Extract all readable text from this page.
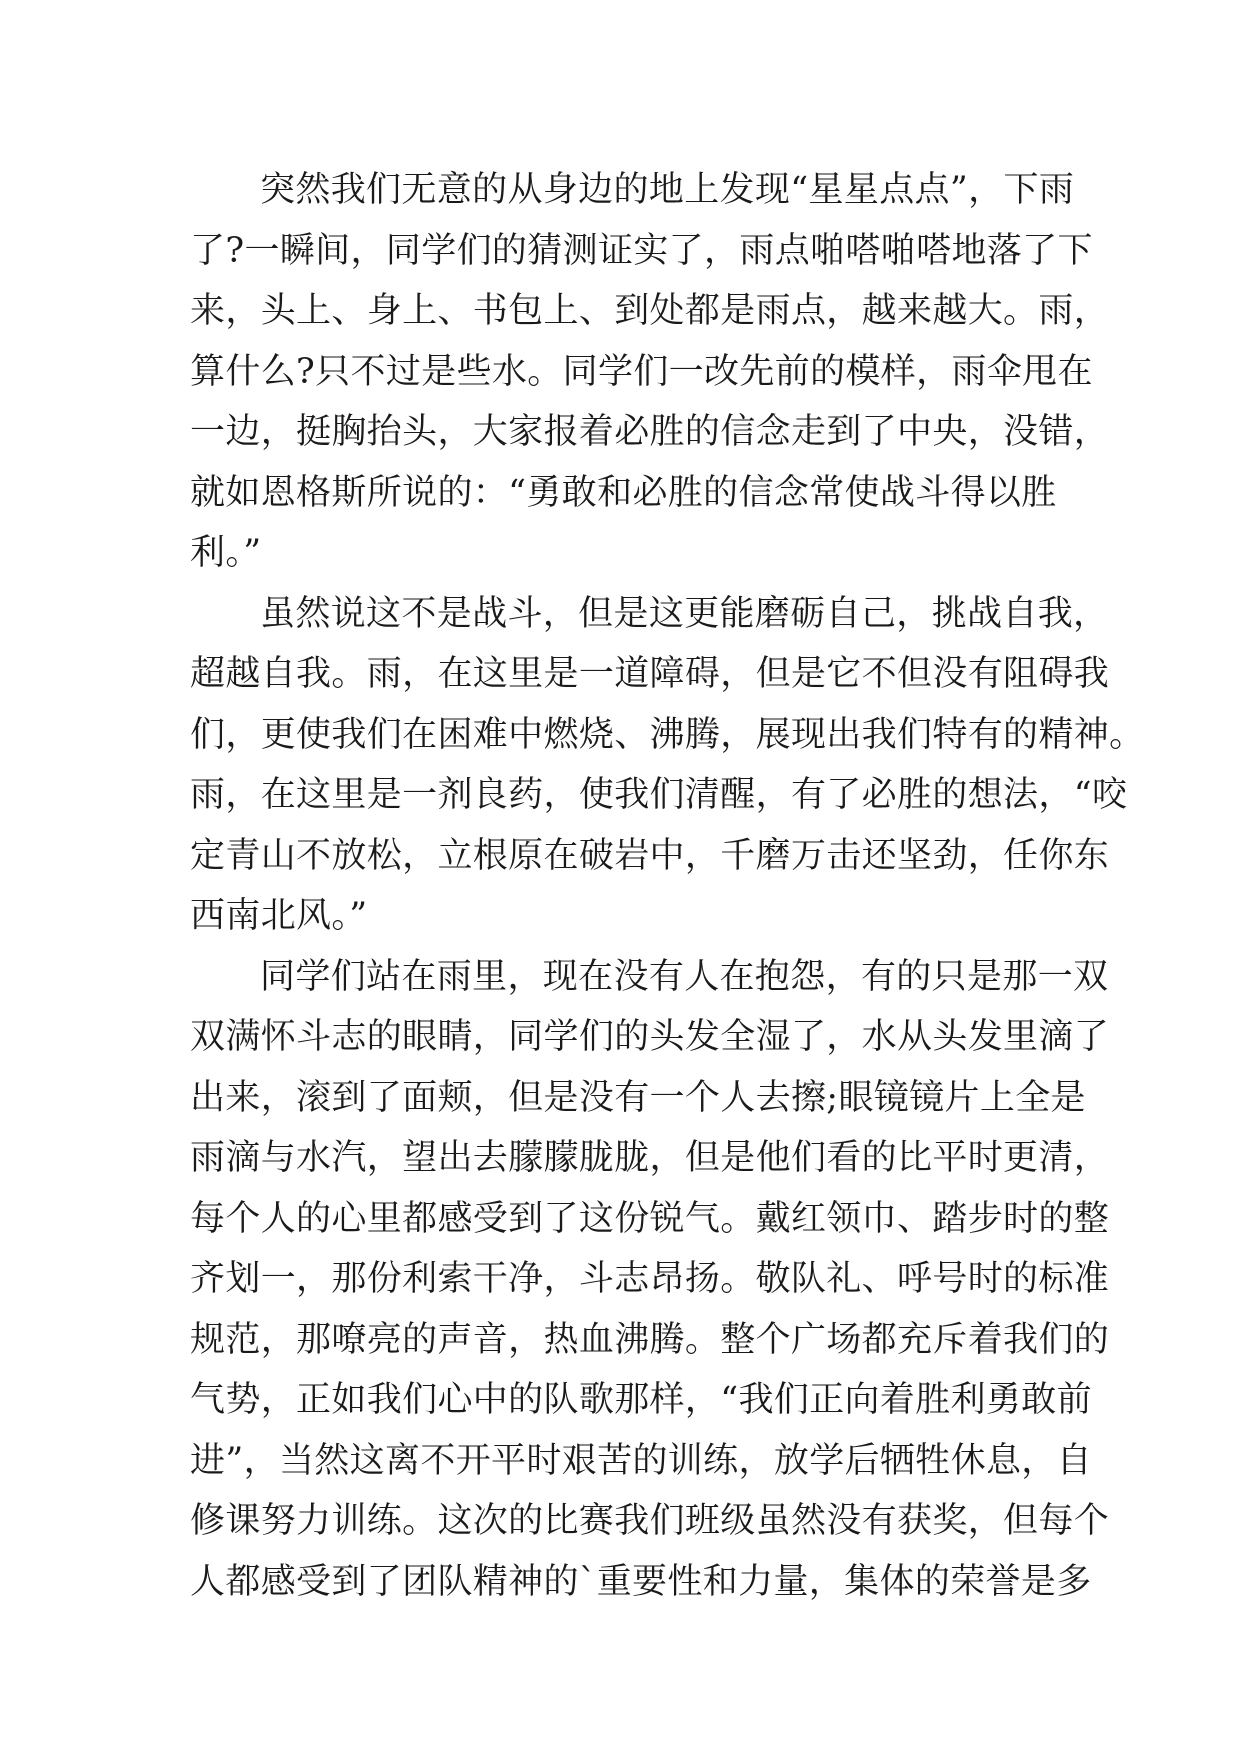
突然我们无意的从身边的地上发现“星星点点”，下雨
了?一瞬间，同学们的猜测证实了，雨点啪嗒啪嗒地落了下
来，头上、身上、书包上、到处都是雨点，越来越大。雨，
算什么?只不过是些水。同学们一改先前的模样，雨伞甩在
一边，挺胸抬头，大家报着必胜的信念走到了中央，没错，
就如恩格斯所说的：“勇敢和必胜的信念常使战斗得以胜
利。”
虽然说这不是战斗，但是这更能磨砺自己，挑战自我，
超越自我。雨，在这里是一道障碍，但是它不但没有阻碍我
们，更使我们在困难中燃烧、沸腾，展现出我们特有的精神。
雨，在这里是一剂良药，使我们清醒，有了必胜的想法，“咬
定青山不放松，立根原在破岩中，千磨万击还坚劲，任你东
西南北风。”
同学们站在雨里，现在没有人在抱怨，有的只是那一双
双满怀斗志的眼睛，同学们的头发全湿了，水从头发里滴了
出来，滚到了面颊，但是没有一个人去擦;眼镜镜片上全是
雨滴与水汽，望出去朦朦胧胧，但是他们看的比平时更清，
每个人的心里都感受到了这份锐气。戴红领巾、踏步时的整
齐划一，那份利索干净，斗志昂扬。敬队礼、呼号时的标准
规范，那嘹亮的声音，热血沸腾。整个广场都充斥着我们的
气势，正如我们心中的队歌那样，“我们正向着胜利勇敢前
进”，当然这离不开平时艰苦的训练，放学后牺牲休息，自
修课努力训练。这次的比赛我们班级虽然没有获奖，但每个
人都感受到了团队精神的`重要性和力量，集体的荣誉是多
